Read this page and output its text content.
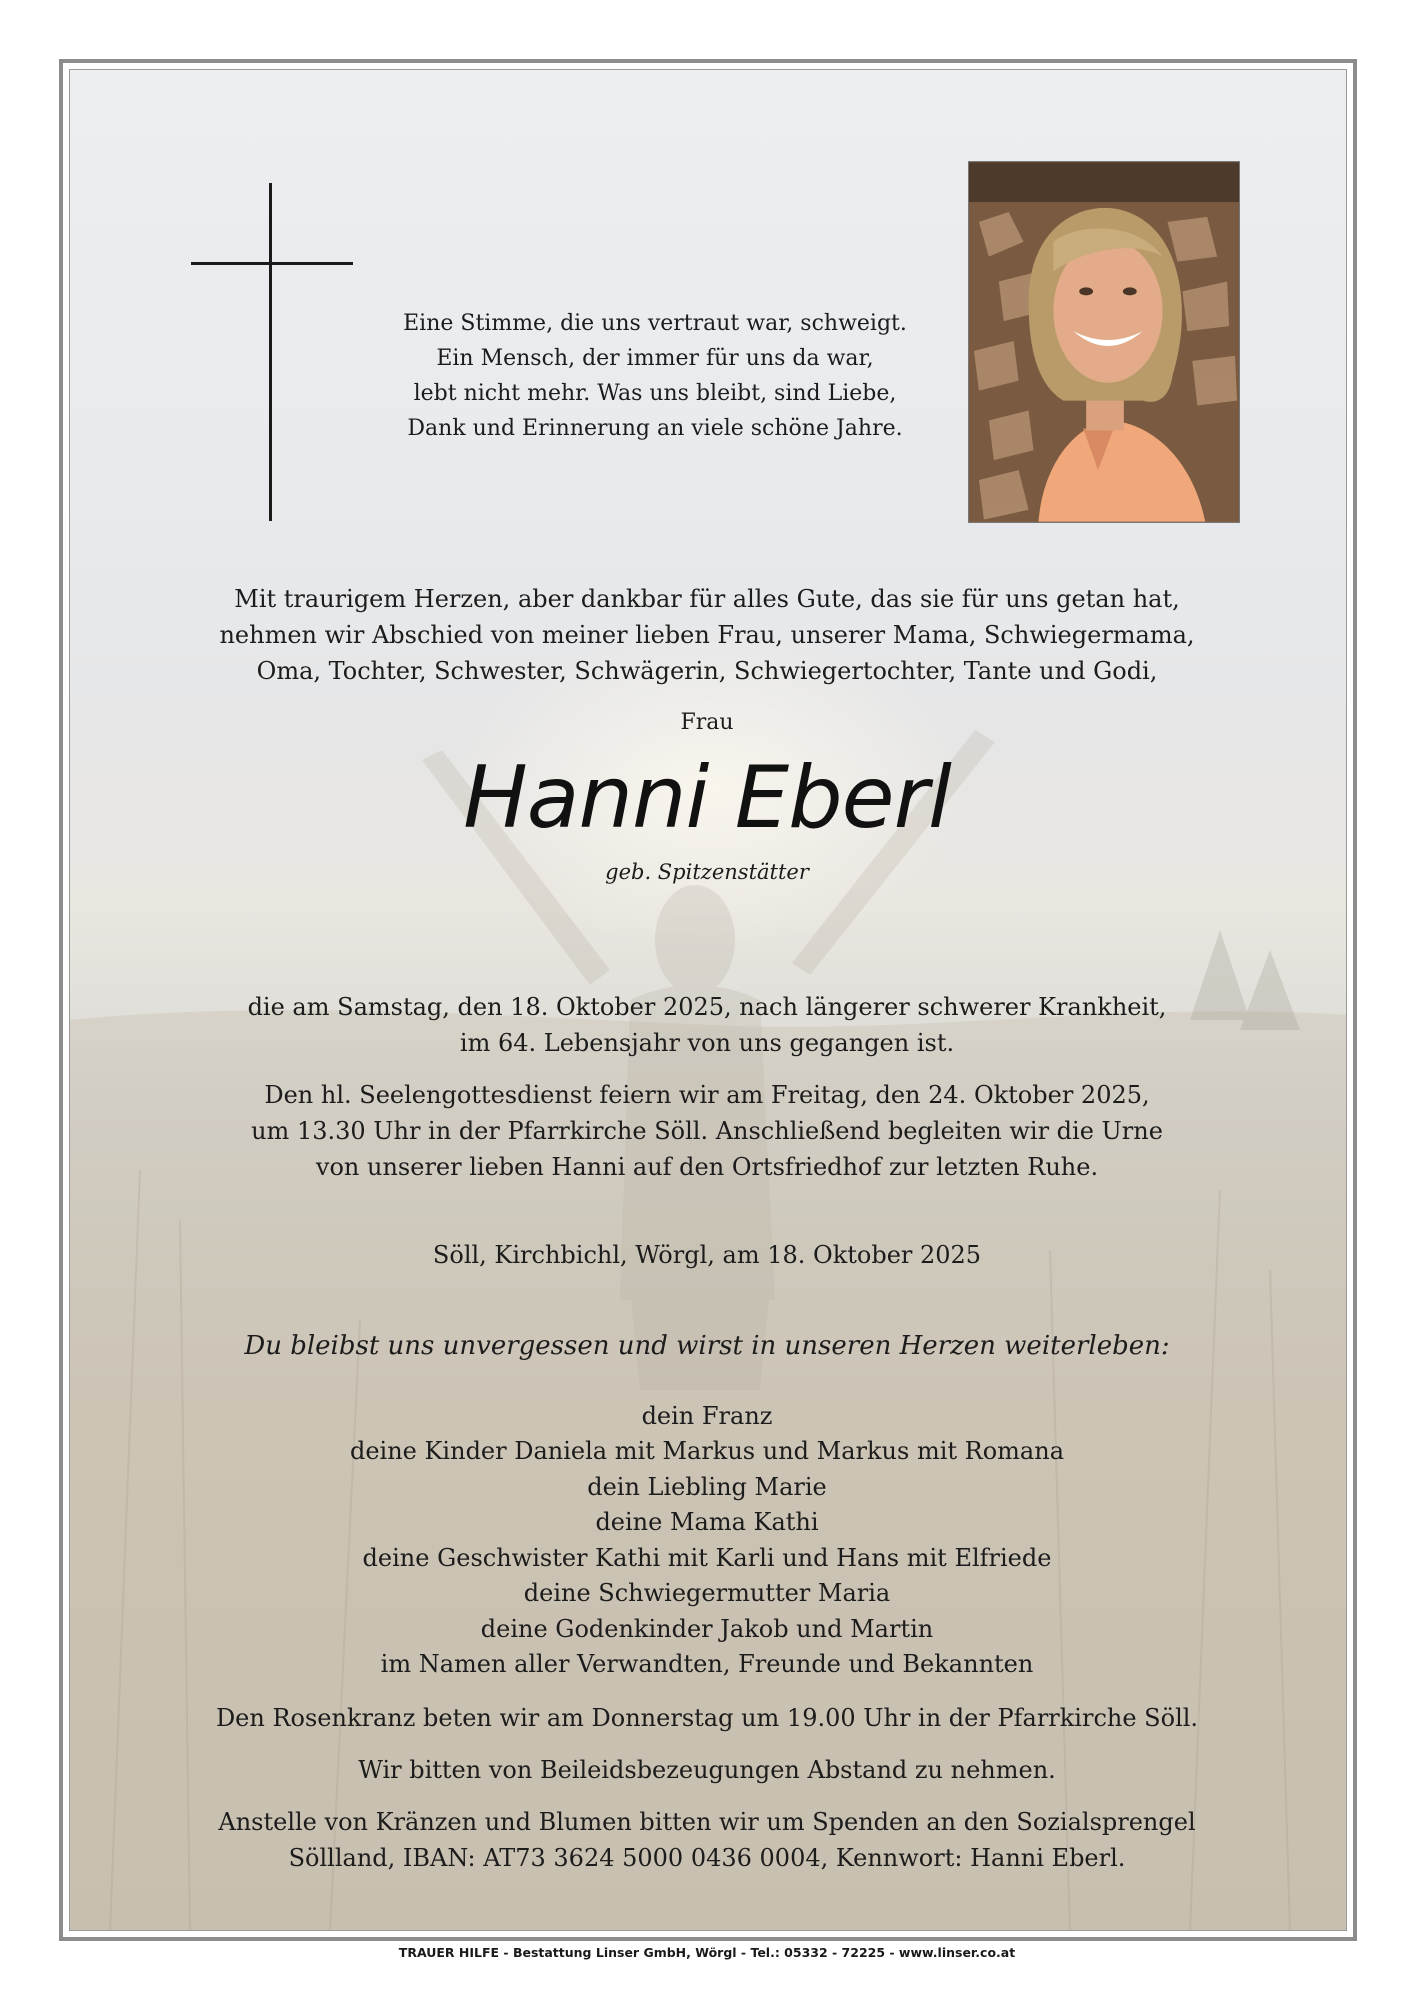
Eine Stimme, die uns vertraut war, schweigt.
Ein Mensch, der immer für uns da war,
lebt nicht mehr. Was uns bleibt, sind Liebe,
Dank und Erinnerung an viele schöne Jahre.
Mit traurigem Herzen, aber dankbar für alles Gute, das sie für uns getan hat,
nehmen wir Abschied von meiner lieben Frau, unserer Mama, Schwiegermama,
Oma, Tochter, Schwester, Schwägerin, Schwiegertochter, Tante und Godi,
Frau
Hanni Eberl
geb. Spitzenstätter
die am Samstag, den 18. Oktober 2025, nach längerer schwerer Krankheit,
im 64. Lebensjahr von uns gegangen ist.
Den hl. Seelengottesdienst feiern wir am Freitag, den 24. Oktober 2025,
um 13.30 Uhr in der Pfarrkirche Söll. Anschließend begleiten wir die Urne
von unserer lieben Hanni auf den Ortsfriedhof zur letzten Ruhe.
Söll, Kirchbichl, Wörgl, am 18. Oktober 2025
Du bleibst uns unvergessen und wirst in unseren Herzen weiterleben:
dein Franz
deine Kinder Daniela mit Markus und Markus mit Romana
dein Liebling Marie
deine Mama Kathi
deine Geschwister Kathi mit Karli und Hans mit Elfriede
deine Schwiegermutter Maria
deine Godenkinder Jakob und Martin
im Namen aller Verwandten, Freunde und Bekannten
Den Rosenkranz beten wir am Donnerstag um 19.00 Uhr in der Pfarrkirche Söll.
Wir bitten von Beileidsbezeugungen Abstand zu nehmen.
Anstelle von Kränzen und Blumen bitten wir um Spenden an den Sozialsprengel
Söllland, IBAN: AT73 3624 5000 0436 0004, Kennwort: Hanni Eberl.
TRAUER HILFE - Bestattung Linser GmbH, Wörgl - Tel.: 05332 - 72225 - www.linser.co.at
